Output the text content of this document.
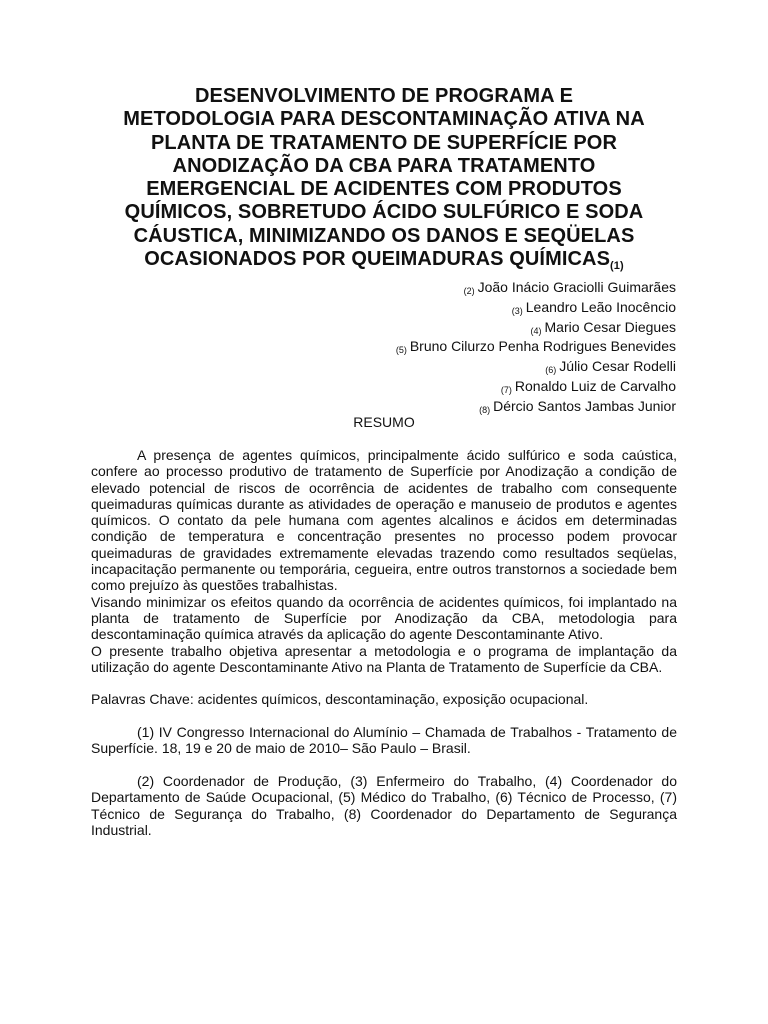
DESENVOLVIMENTO DE PROGRAMA E
METODOLOGIA PARA DESCONTAMINAÇÃO ATIVA NA
PLANTA DE TRATAMENTO DE SUPERFÍCIE POR
ANODIZAÇÃO DA CBA PARA TRATAMENTO
EMERGENCIAL DE ACIDENTES COM PRODUTOS
QUÍMICOS, SOBRETUDO ÁCIDO SULFÚRICO E SODA
CÁUSTICA, MINIMIZANDO OS DANOS E SEQÜELAS
OCASIONADOS POR QUEIMADURAS $QUÍMICAS_{(1)}$
(2) João Inácio Graciolli Guimarães
(3) Leandro Leão Inocêncio
(4) Mario Cesar Diegues
(5) Bruno Cilurzo Penha Rodrigues Benevides
(6) Júlio Cesar Rodelli
(7) Ronaldo Luiz de Carvalho
(8) Dércio Santos Jambas Junior
RESUMO

A presença de agentes químicos, principalmente ácido sulfúrico e soda caústica, confere ao processo produtivo de tratamento de Superfície por Anodização a condição de elevado potencial de riscos de ocorrência de acidentes de trabalho com consequente queimaduras químicas durante as atividades de operação e manuseio de produtos e agentes químicos. O contato da pele humana com agentes alcalinos e ácidos em determinadas condição de temperatura e concentração presentes no processo podem provocar queimaduras de gravidades extremamente elevadas trazendo como resultados seqüelas, incapacitação permanente ou temporária, cegueira, entre outros transtornos a sociedade bem como prejuízo às questões trabalhistas.

Visando minimizar os efeitos quando da ocorrência de acidentes químicos, foi implantado na planta de tratamento de Superfície por Anodização da CBA, metodologia para descontaminação química através da aplicação do agente Descontaminante Ativo.

O presente trabalho objetiva apresentar a metodologia e o programa de implantação da utilização do agente Descontaminante Ativo na Planta de Tratamento de Superfície da CBA.

Palavras Chave: acidentes químicos, descontaminação, exposição ocupacional.

(1) IV Congresso Internacional do Alumínio – Chamada de Trabalhos - Tratamento de Superfície. 18, 19 e 20 de maio de 2010– São Paulo – Brasil.

(2) Coordenador de Produção, (3) Enfermeiro do Trabalho, (4) Coordenador do Departamento de Saúde Ocupacional, (5) Médico do Trabalho, (6) Técnico de Processo, (7) Técnico de Segurança do Trabalho, (8) Coordenador do Departamento de Segurança Industrial.
